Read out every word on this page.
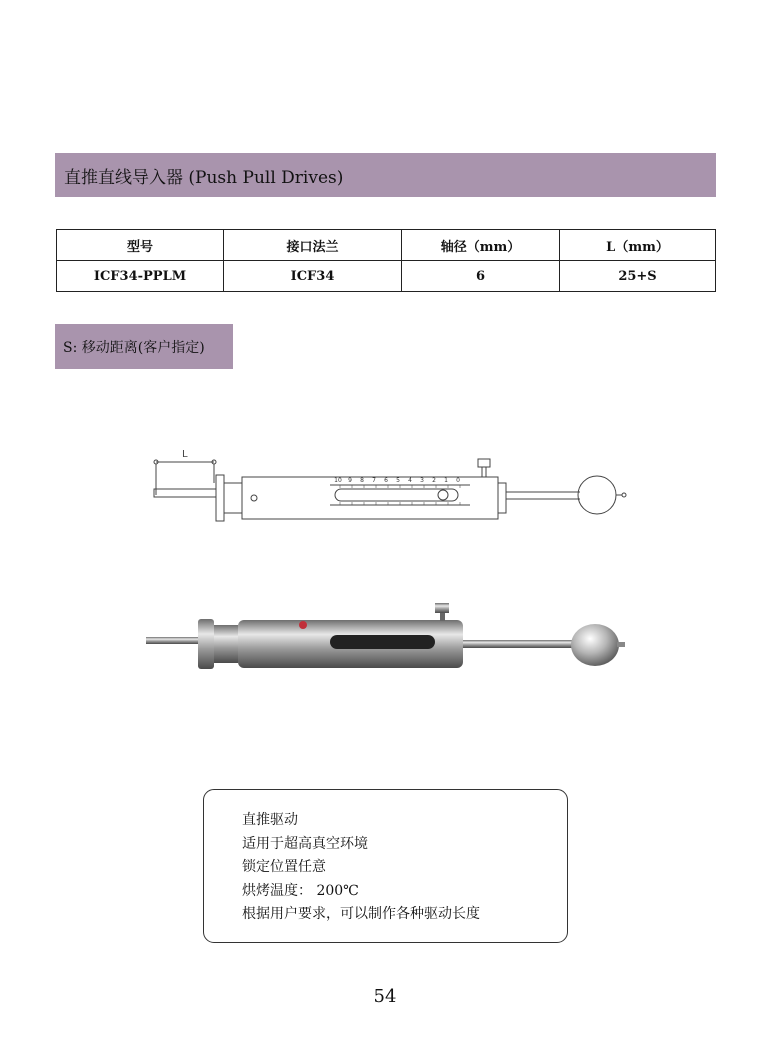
直推直线导入器 (Push Pull Drives)
型号	接口法兰	轴径（mm）	L（mm）
ICF34-PPLM	ICF34	6	25+S
S: 移动距离(客户指定)
L
0
1
2
3
4
5
6
7
8
9
10
直推驱动
适用于超高真空环境
锁定位置任意
烘烤温度： 200℃
根据用户要求，可以制作各种驱动长度
54
